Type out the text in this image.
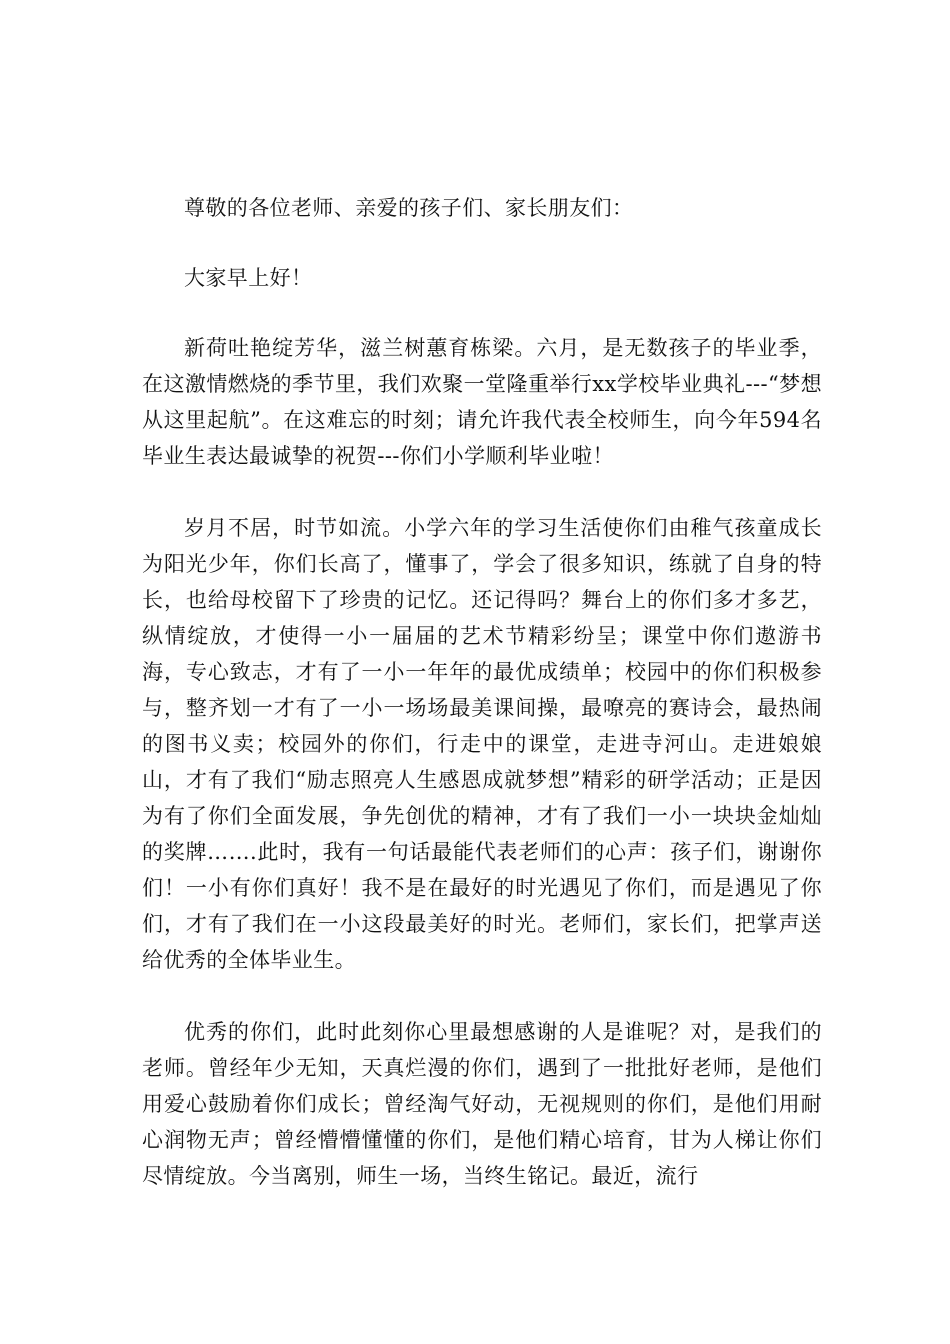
尊敬的各位老师、亲爱的孩子们、家长朋友们：

大家早上好！

新荷吐艳绽芳华，滋兰树蕙育栋梁。六月，是无数孩子的毕业季，在这激情燃烧的季节里，我们欢聚一堂隆重举行xx学校毕业典礼---“梦想从这里起航”。在这难忘的时刻；请允许我代表全校师生，向今年594名毕业生表达最诚挚的祝贺---你们小学顺利毕业啦！

岁月不居，时节如流。小学六年的学习生活使你们由稚气孩童成长为阳光少年，你们长高了，懂事了，学会了很多知识，练就了自身的特长，也给母校留下了珍贵的记忆。还记得吗？舞台上的你们多才多艺，纵情绽放，才使得一小一届届的艺术节精彩纷呈；课堂中你们遨游书海，专心致志，才有了一小一年年的最优成绩单；校园中的你们积极参与，整齐划一才有了一小一场场最美课间操，最嘹亮的赛诗会，最热闹的图书义卖；校园外的你们，行走中的课堂，走进寺河山。走进娘娘山，才有了我们“励志照亮人生感恩成就梦想”精彩的研学活动；正是因为有了你们全面发展，争先创优的精神，才有了我们一小一块块金灿灿的奖牌…….此时，我有一句话最能代表老师们的心声：孩子们，谢谢你们！一小有你们真好！我不是在最好的时光遇见了你们，而是遇见了你们，才有了我们在一小这段最美好的时光。老师们，家长们，把掌声送给优秀的全体毕业生。

优秀的你们，此时此刻你心里最想感谢的人是谁呢？对，是我们的老师。曾经年少无知，天真烂漫的你们，遇到了一批批好老师，是他们用爱心鼓励着你们成长；曾经淘气好动，无视规则的你们，是他们用耐心润物无声；曾经懵懵懂懂的你们，是他们精心培育，甘为人梯让你们尽情绽放。今当离别，师生一场，当终生铭记。最近，流行
